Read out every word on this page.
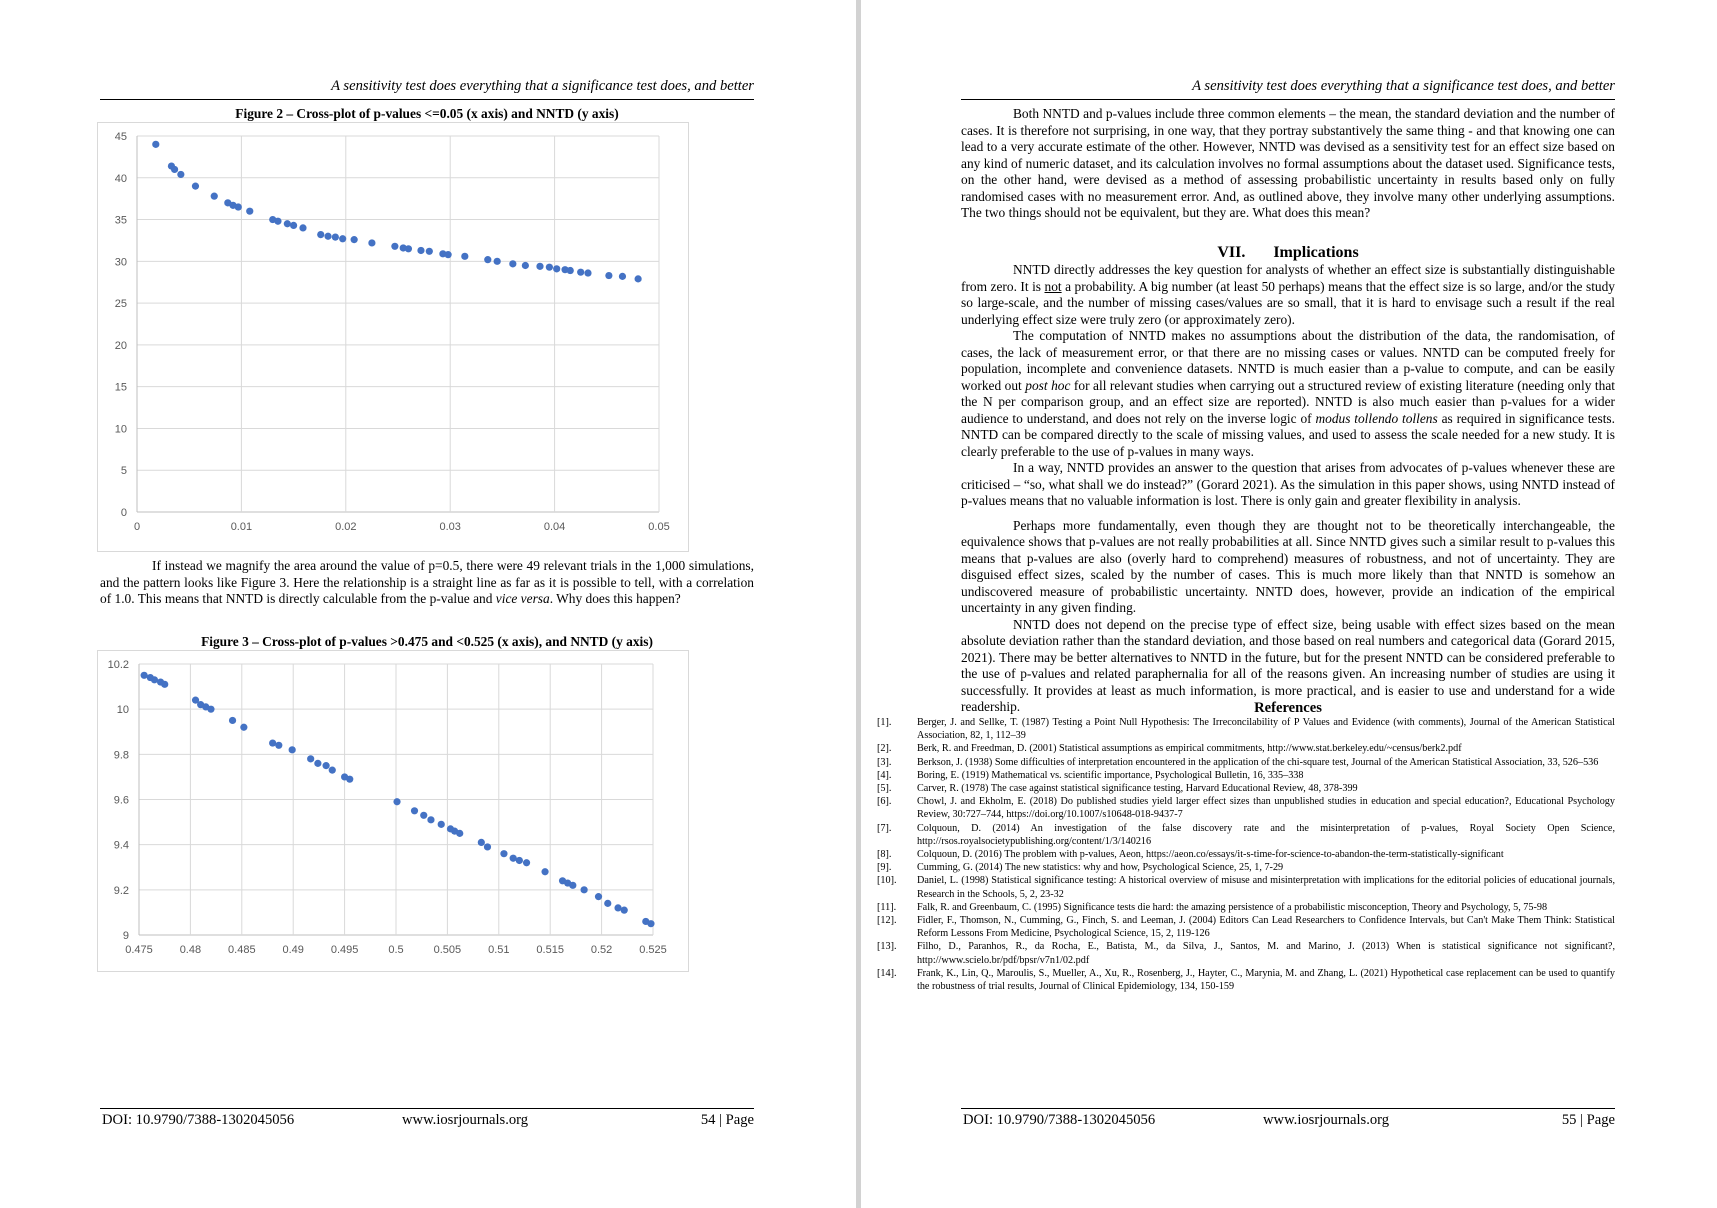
A sensitivity test does everything that a significance test does, and better
Figure 2 – Cross-plot of p-values <=0.05 (x axis) and NNTD (y axis)
0
5
10
15
20
25
30
35
40
45
0	0.01	0.02	0.03	0.04	0.05

If instead we magnify the area around the value of p=0.5, there were 49 relevant trials in the 1,000 simulations, and the pattern looks like Figure 3. Here the relationship is a straight line as far as it is possible to tell, with a correlation of 1.0. This means that NNTD is directly calculable from the p-value and vice versa. Why does this happen?

Figure 3 – Cross-plot of p-values >0.475 and <0.525 (x axis), and NNTD (y axis)
9
9.2
9.4
9.6
9.8
10
10.2
0.475 0.48 0.485 0.49 0.495	0.5	0.505 0.51 0.515 0.52 0.525
DOI: 10.9790/7388-1302045056	www.iosrjournals.org	54 | Page
A sensitivity test does everything that a significance test does, and better

Both NNTD and p-values include three common elements – the mean, the standard deviation and the number of cases. It is therefore not surprising, in one way, that they portray substantively the same thing - and that knowing one can lead to a very accurate estimate of the other. However, NNTD was devised as a sensitivity test for an effect size based on any kind of numeric dataset, and its calculation involves no formal assumptions about the dataset used. Significance tests, on the other hand, were devised as a method of assessing probabilistic uncertainty in results based only on fully randomised cases with no measurement error. And, as outlined above, they involve many other underlying assumptions. The two things should not be equivalent, but they are. What does this mean?

VII. Implications

NNTD directly addresses the key question for analysts of whether an effect size is substantially distinguishable from zero. It is not a probability. A big number (at least 50 perhaps) means that the effect size is so large, and/or the study so large-scale, and the number of missing cases/values are so small, that it is hard to envisage such a result if the real underlying effect size were truly zero (or approximately zero).

The computation of NNTD makes no assumptions about the distribution of the data, the randomisation, of cases, the lack of measurement error, or that there are no missing cases or values. NNTD can be computed freely for population, incomplete and convenience datasets. NNTD is much easier than a p-value to compute, and can be easily worked out post hoc for all relevant studies when carrying out a structured review of existing literature (needing only that the N per comparison group, and an effect size are reported). NNTD is also much easier than p-values for a wider audience to understand, and does not rely on the inverse logic of modus tollendo tollens as required in significance tests. NNTD can be compared directly to the scale of missing values, and used to assess the scale needed for a new study. It is clearly preferable to the use of p-values in many ways.

In a way, NNTD provides an answer to the question that arises from advocates of p-values whenever these are criticised – “so, what shall we do instead?” (Gorard 2021). As the simulation in this paper shows, using NNTD instead of p-values means that no valuable information is lost. There is only gain and greater flexibility in analysis.

Perhaps more fundamentally, even though they are thought not to be theoretically interchangeable, the equivalence shows that p-values are not really probabilities at all. Since NNTD gives such a similar result to p-values this means that p-values are also (overly hard to comprehend) measures of robustness, and not of uncertainty. They are disguised effect sizes, scaled by the number of cases. This is much more likely than that NNTD is somehow an undiscovered measure of probabilistic uncertainty. NNTD does, however, provide an indication of the empirical uncertainty in any given finding.

NNTD does not depend on the precise type of effect size, being usable with effect sizes based on the mean absolute deviation rather than the standard deviation, and those based on real numbers and categorical data (Gorard 2015, 2021). There may be better alternatives to NNTD in the future, but for the present NNTD can be considered preferable to the use of p-values and related paraphernalia for all of the reasons given. An increasing number of studies are using it successfully. It provides at least as much information, is more practical, and is easier to use and understand for a wide readership.	References
[1].	Berger, J. and Sellke, T. (1987) Testing a Point Null Hypothesis: The Irreconcilability of P Values and Evidence (with comments), Journal of the American Statistical Association, 82, 1, 112–39
[2].	Berk, R. and Freedman, D. (2001) Statistical assumptions as empirical commitments, http://www.stat.berkeley.edu/~census/berk2.pdf
[3].	Berkson, J. (1938) Some difficulties of interpretation encountered in the application of the chi-square test, Journal of the American Statistical Association, 33, 526–536
[4].	Boring, E. (1919) Mathematical vs. scientific importance, Psychological Bulletin, 16, 335–338
[5].	Carver, R. (1978) The case against statistical significance testing, Harvard Educational Review, 48, 378-399
[6].	Chowl, J. and Ekholm, E. (2018) Do published studies yield larger effect sizes than unpublished studies in education and special education?, Educational Psychology Review, 30:727–744, https://doi.org/10.1007/s10648-018-9437-7
[7].	Colquoun, D. (2014) An investigation of the false discovery rate and the misinterpretation of p-values, Royal Society Open Science, http://rsos.royalsocietypublishing.org/content/1/3/140216
[8].	Colquoun, D. (2016) The problem with p-values, Aeon, https://aeon.co/essays/it-s-time-for-science-to-abandon-the-term-statistically-significant
[9].	Cumming, G. (2014) The new statistics: why and how, Psychological Science, 25, 1, 7-29
[10].	Daniel, L. (1998) Statistical significance testing: A historical overview of misuse and misinterpretation with implications for the editorial policies of educational journals, Research in the Schools, 5, 2, 23-32
[11].	Falk, R. and Greenbaum, C. (1995) Significance tests die hard: the amazing persistence of a probabilistic misconception, Theory and Psychology, 5, 75-98
[12].	Fidler, F., Thomson, N., Cumming, G., Finch, S. and Leeman, J. (2004) Editors Can Lead Researchers to Confidence Intervals, but Can't Make Them Think: Statistical Reform Lessons From Medicine, Psychological Science, 15, 2, 119-126
[13].	Filho, D., Paranhos, R., da Rocha, E., Batista, M., da Silva, J., Santos, M. and Marino, J. (2013) When is statistical significance not significant?, http://www.scielo.br/pdf/bpsr/v7n1/02.pdf
[14].	Frank, K., Lin, Q., Maroulis, S., Mueller, A., Xu, R., Rosenberg, J., Hayter, C., Marynia, M. and Zhang, L. (2021) Hypothetical case replacement can be used to quantify the robustness of trial results, Journal of Clinical Epidemiology, 134, 150-159
DOI: 10.9790/7388-1302045056	www.iosrjournals.org	55 | Page
